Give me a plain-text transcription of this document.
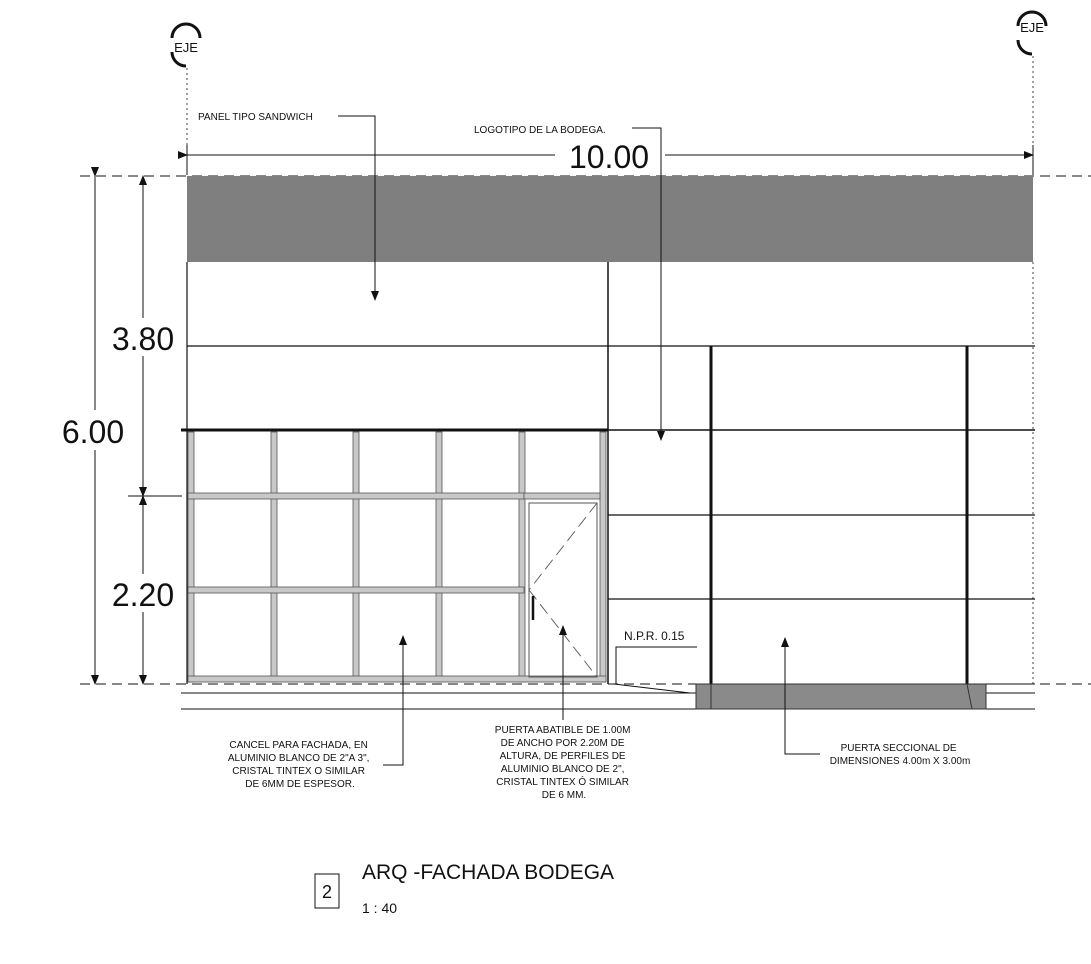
EJE
EJE
10.00
6.00
3.80
2.20
PANEL TIPO SANDWICH
LOGOTIPO DE LA BODEGA.
N.P.R. 0.15
CANCEL PARA FACHADA, EN ALUMINIO BLANCO DE 2"A 3", CRISTAL TINTEX O SIMILAR DE 6MM DE ESPESOR.
PUERTA ABATIBLE DE 1.00M DE ANCHO POR 2.20M DE ALTURA, DE PERFILES DE ALUMINIO BLANCO DE 2", CRISTAL TINTEX Ó SIMILAR DE 6 MM.
PUERTA SECCIONAL DE DIMENSIONES 4.00m X 3.00m
2
ARQ -FACHADA BODEGA
1 : 40
